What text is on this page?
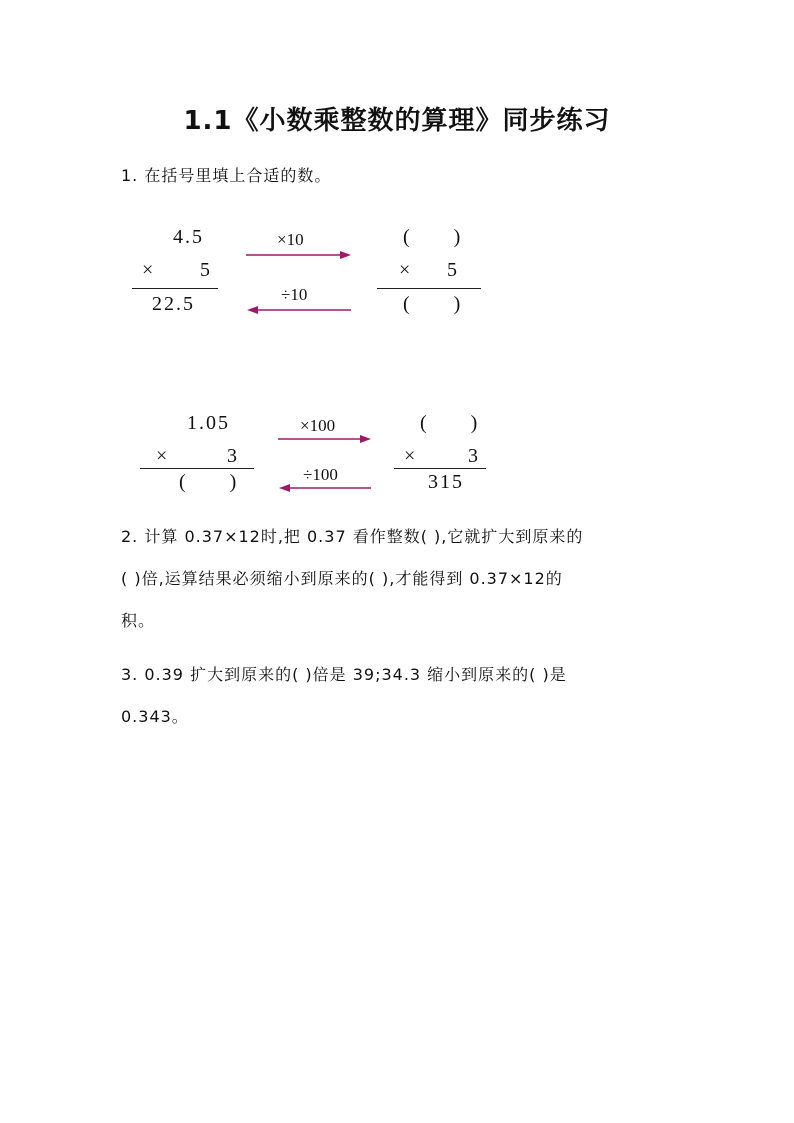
1.1《小数乘整数的算理》同步练习
1. 在括号里填上合适的数。
4.5
× 5
22.5
×10
÷10
(      )
× 5
(      )
1.05
×	3
(      )
×100
÷100
(      )
×	3
315

2. 计算 0.37×12时,把 0.37 看作整数( ),它就扩大到原来的

( )倍,运算结果必须缩小到原来的( ),才能得到 0.37×12的

积。

3. 0.39 扩大到原来的( )倍是 39;34.3 缩小到原来的( )是

0.343。
